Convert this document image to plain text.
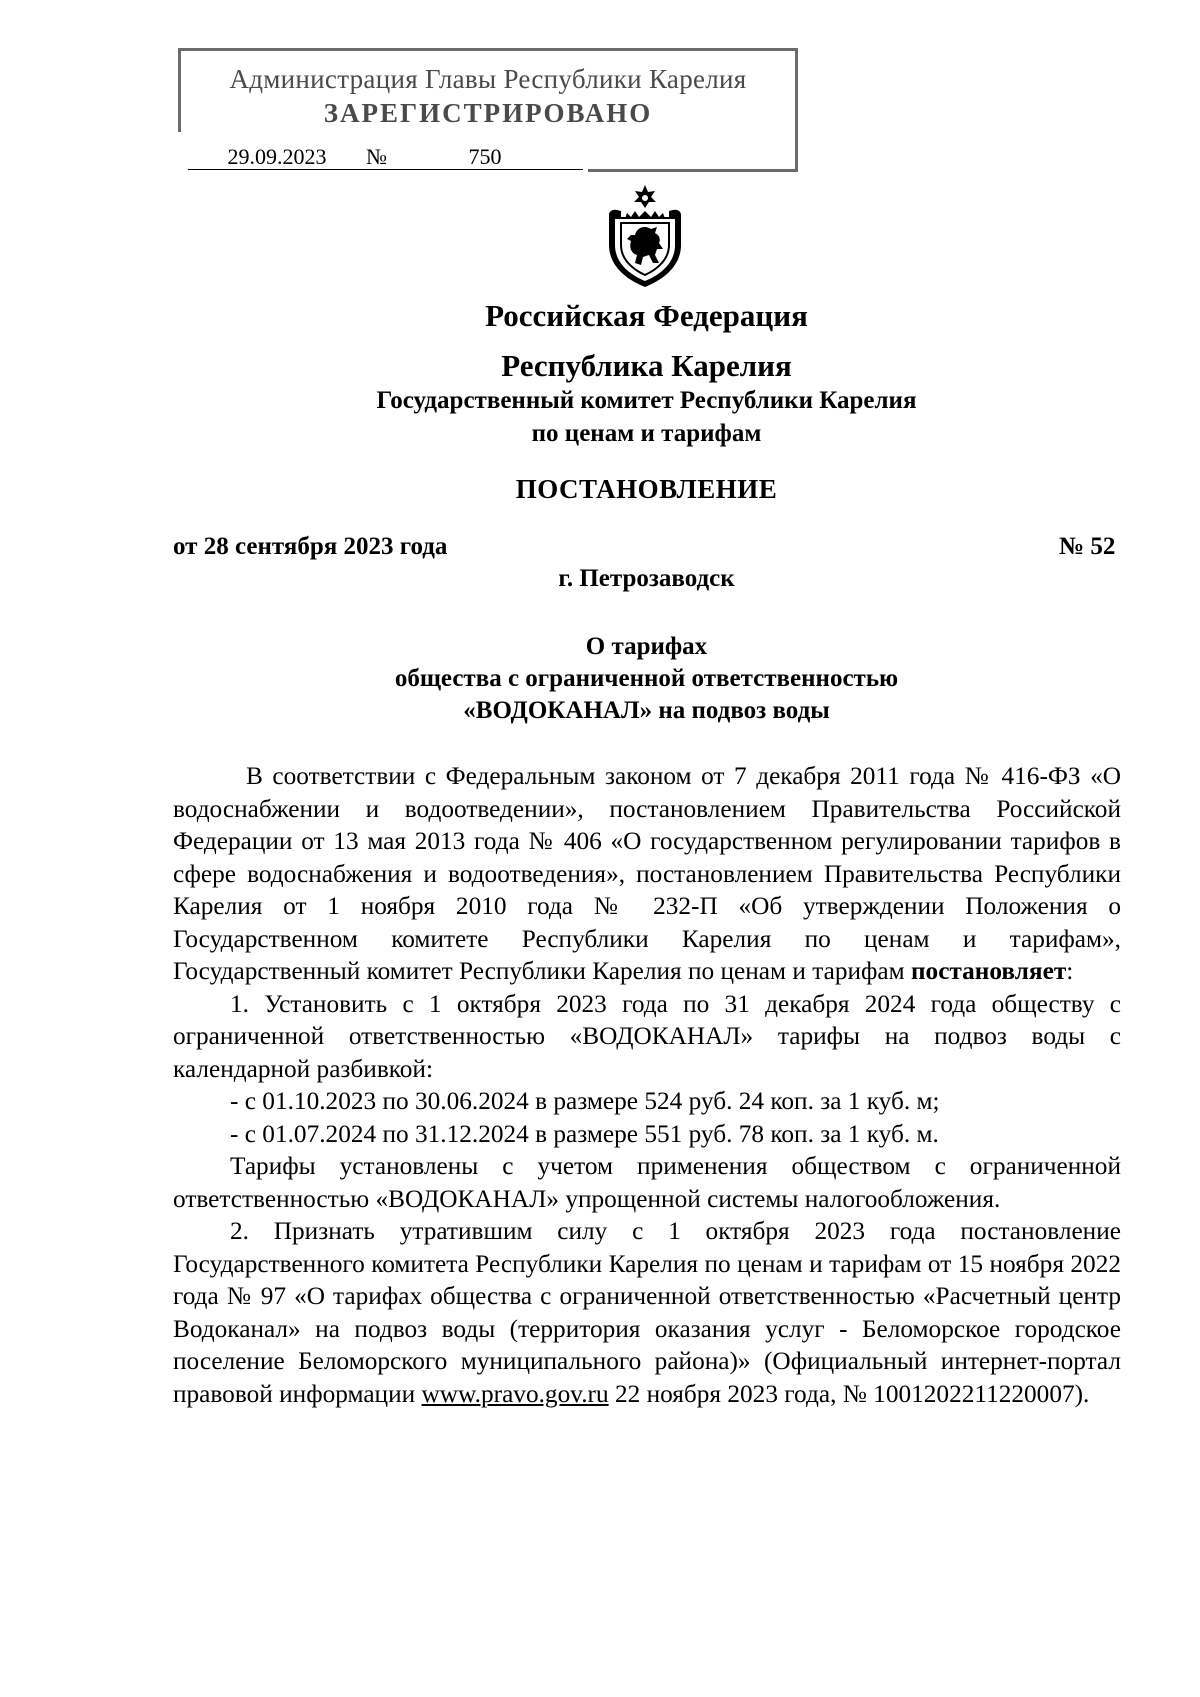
Администрация Главы Республики Карелия
ЗАРЕГИСТРИРОВАНО
29.09.2023 №	750
Российская Федерация
Республика Карелия
Государственный комитет Республики Карелия
по ценам и тарифам
ПОСТАНОВЛЕНИЕ
от 28 сентября 2023 года	№ 52
г. Петрозаводск
О тарифах
общества с ограниченной ответственностью
«ВОДОКАНАЛ» на подвоз воды

В соответствии с Федеральным законом от 7 декабря 2011 года № 416-ФЗ «О водоснабжении и водоотведении», постановлением Правительства Российской Федерации от 13 мая 2013 года № 406 «О государственном регулировании тарифов в сфере водоснабжения и водоотведения», постановлением Правительства Республики Карелия от 1 ноября 2010 года № 232-П «Об утверждении Положения о Государственном комитете Республики Карелия по ценам и тарифам», Государственный комитет Республики Карелия по ценам и тарифам постановляет:

1. Установить с 1 октября 2023 года по 31 декабря 2024 года обществу с ограниченной ответственностью «ВОДОКАНАЛ» тарифы на подвоз воды с календарной разбивкой:

- с 01.10.2023 по 30.06.2024 в размере 524 руб. 24 коп. за 1 куб. м;

- с 01.07.2024 по 31.12.2024 в размере 551 руб. 78 коп. за 1 куб. м.

Тарифы установлены с учетом применения обществом с ограниченной ответственностью «ВОДОКАНАЛ» упрощенной системы налогообложения.

2. Признать утратившим силу с 1 октября 2023 года постановление Государственного комитета Республики Карелия по ценам и тарифам от 15 ноября 2022 года № 97 «О тарифах общества с ограниченной ответственностью «Расчетный центр Водоканал» на подвоз воды (территория оказания услуг - Беломорское городское поселение Беломорского муниципального района)» (Официальный интернет-портал правовой информации www.pravo.gov.ru 22 ноября 2023 года, № 1001202211220007).
